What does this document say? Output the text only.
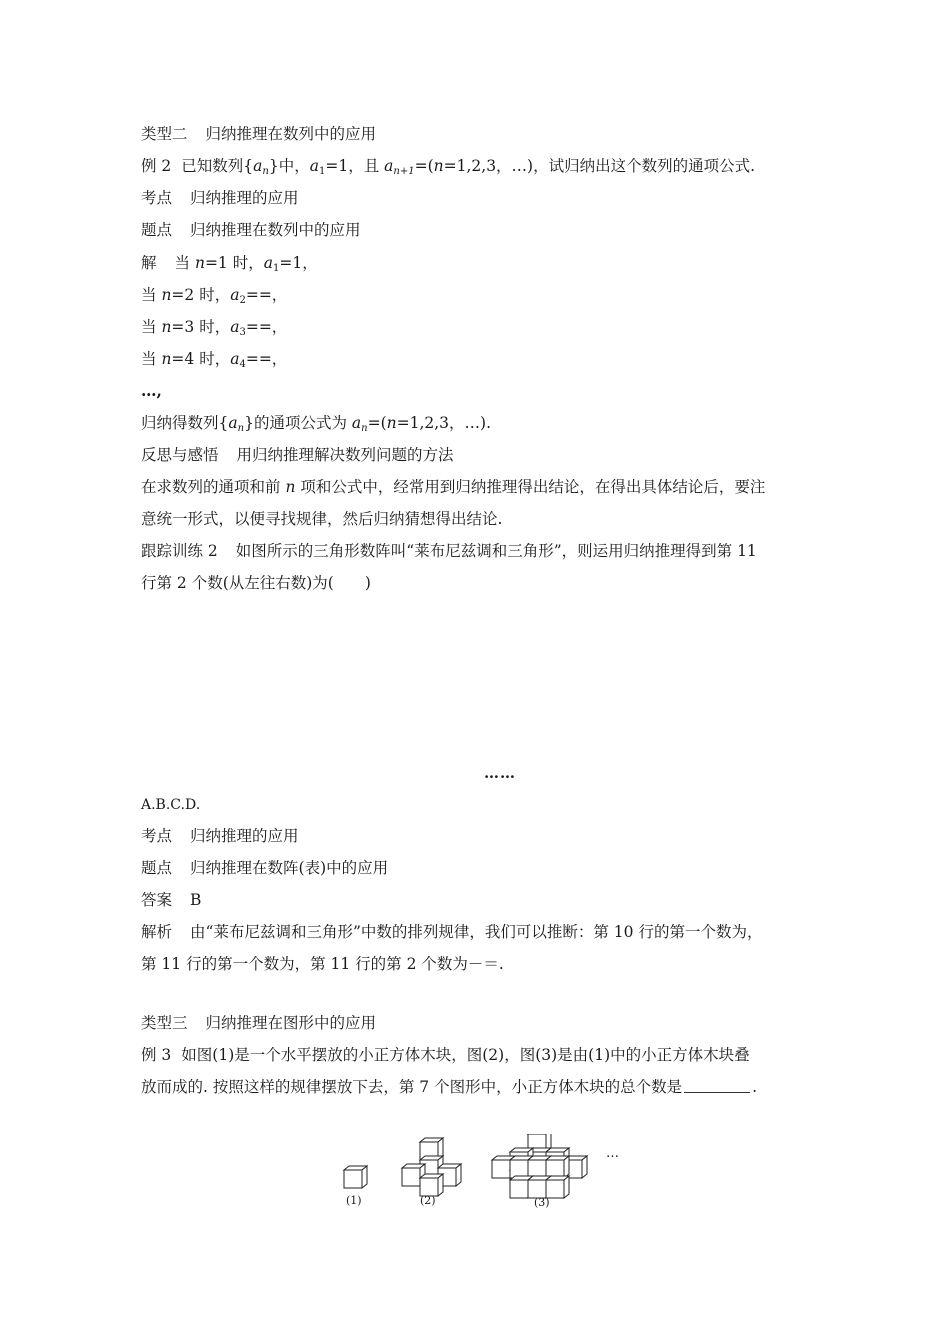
类型二 归纳推理在数列中的应用
例 2 已知数列$\{a_n\}$中，$a_1=1$，且 $a_{n+1}=(n=1,2,3$，…)，试归纳出这个数列的通项公式.
考点 归纳推理的应用
题点 归纳推理在数列中的应用
解 当 n=1 时，$a_1=1$，
当 n=2 时，$a_2==$，
当 n=3 时，$a_3==$，
当 n=4 时，$a_4==$，
…,
归纳得数列$\{a_n\}$的通项公式为 $a_n=(n=1,2,3$，…).
反思与感悟 用归纳推理解决数列问题的方法
在求数列的通项和前 n 项和公式中，经常用到归纳推理得出结论，在得出具体结论后，要注
意统一形式，以便寻找规律，然后归纳猜想得出结论.
跟踪训练 2 如图所示的三角形数阵叫“莱布尼兹调和三角形”，则运用归纳推理得到第 11
行第 2 个数(从左往右数)为(　　)
……
A.B.C.D.
考点 归纳推理的应用
题点 归纳推理在数阵(表)中的应用
答案 B
解析 由“莱布尼兹调和三角形”中数的排列规律，我们可以推断：第 10 行的第一个数为，
第 11 行的第一个数为，第 11 行的第 2 个数为－＝.
类型三 归纳推理在图形中的应用
例 3 如图(1)是一个水平摆放的小正方体木块，图(2)，图(3)是由(1)中的小正方体木块叠
放而成的. 按照这样的规律摆放下去，第 7 个图形中，小正方体木块的总个数是	.
(1)	(2)	(3)
…
